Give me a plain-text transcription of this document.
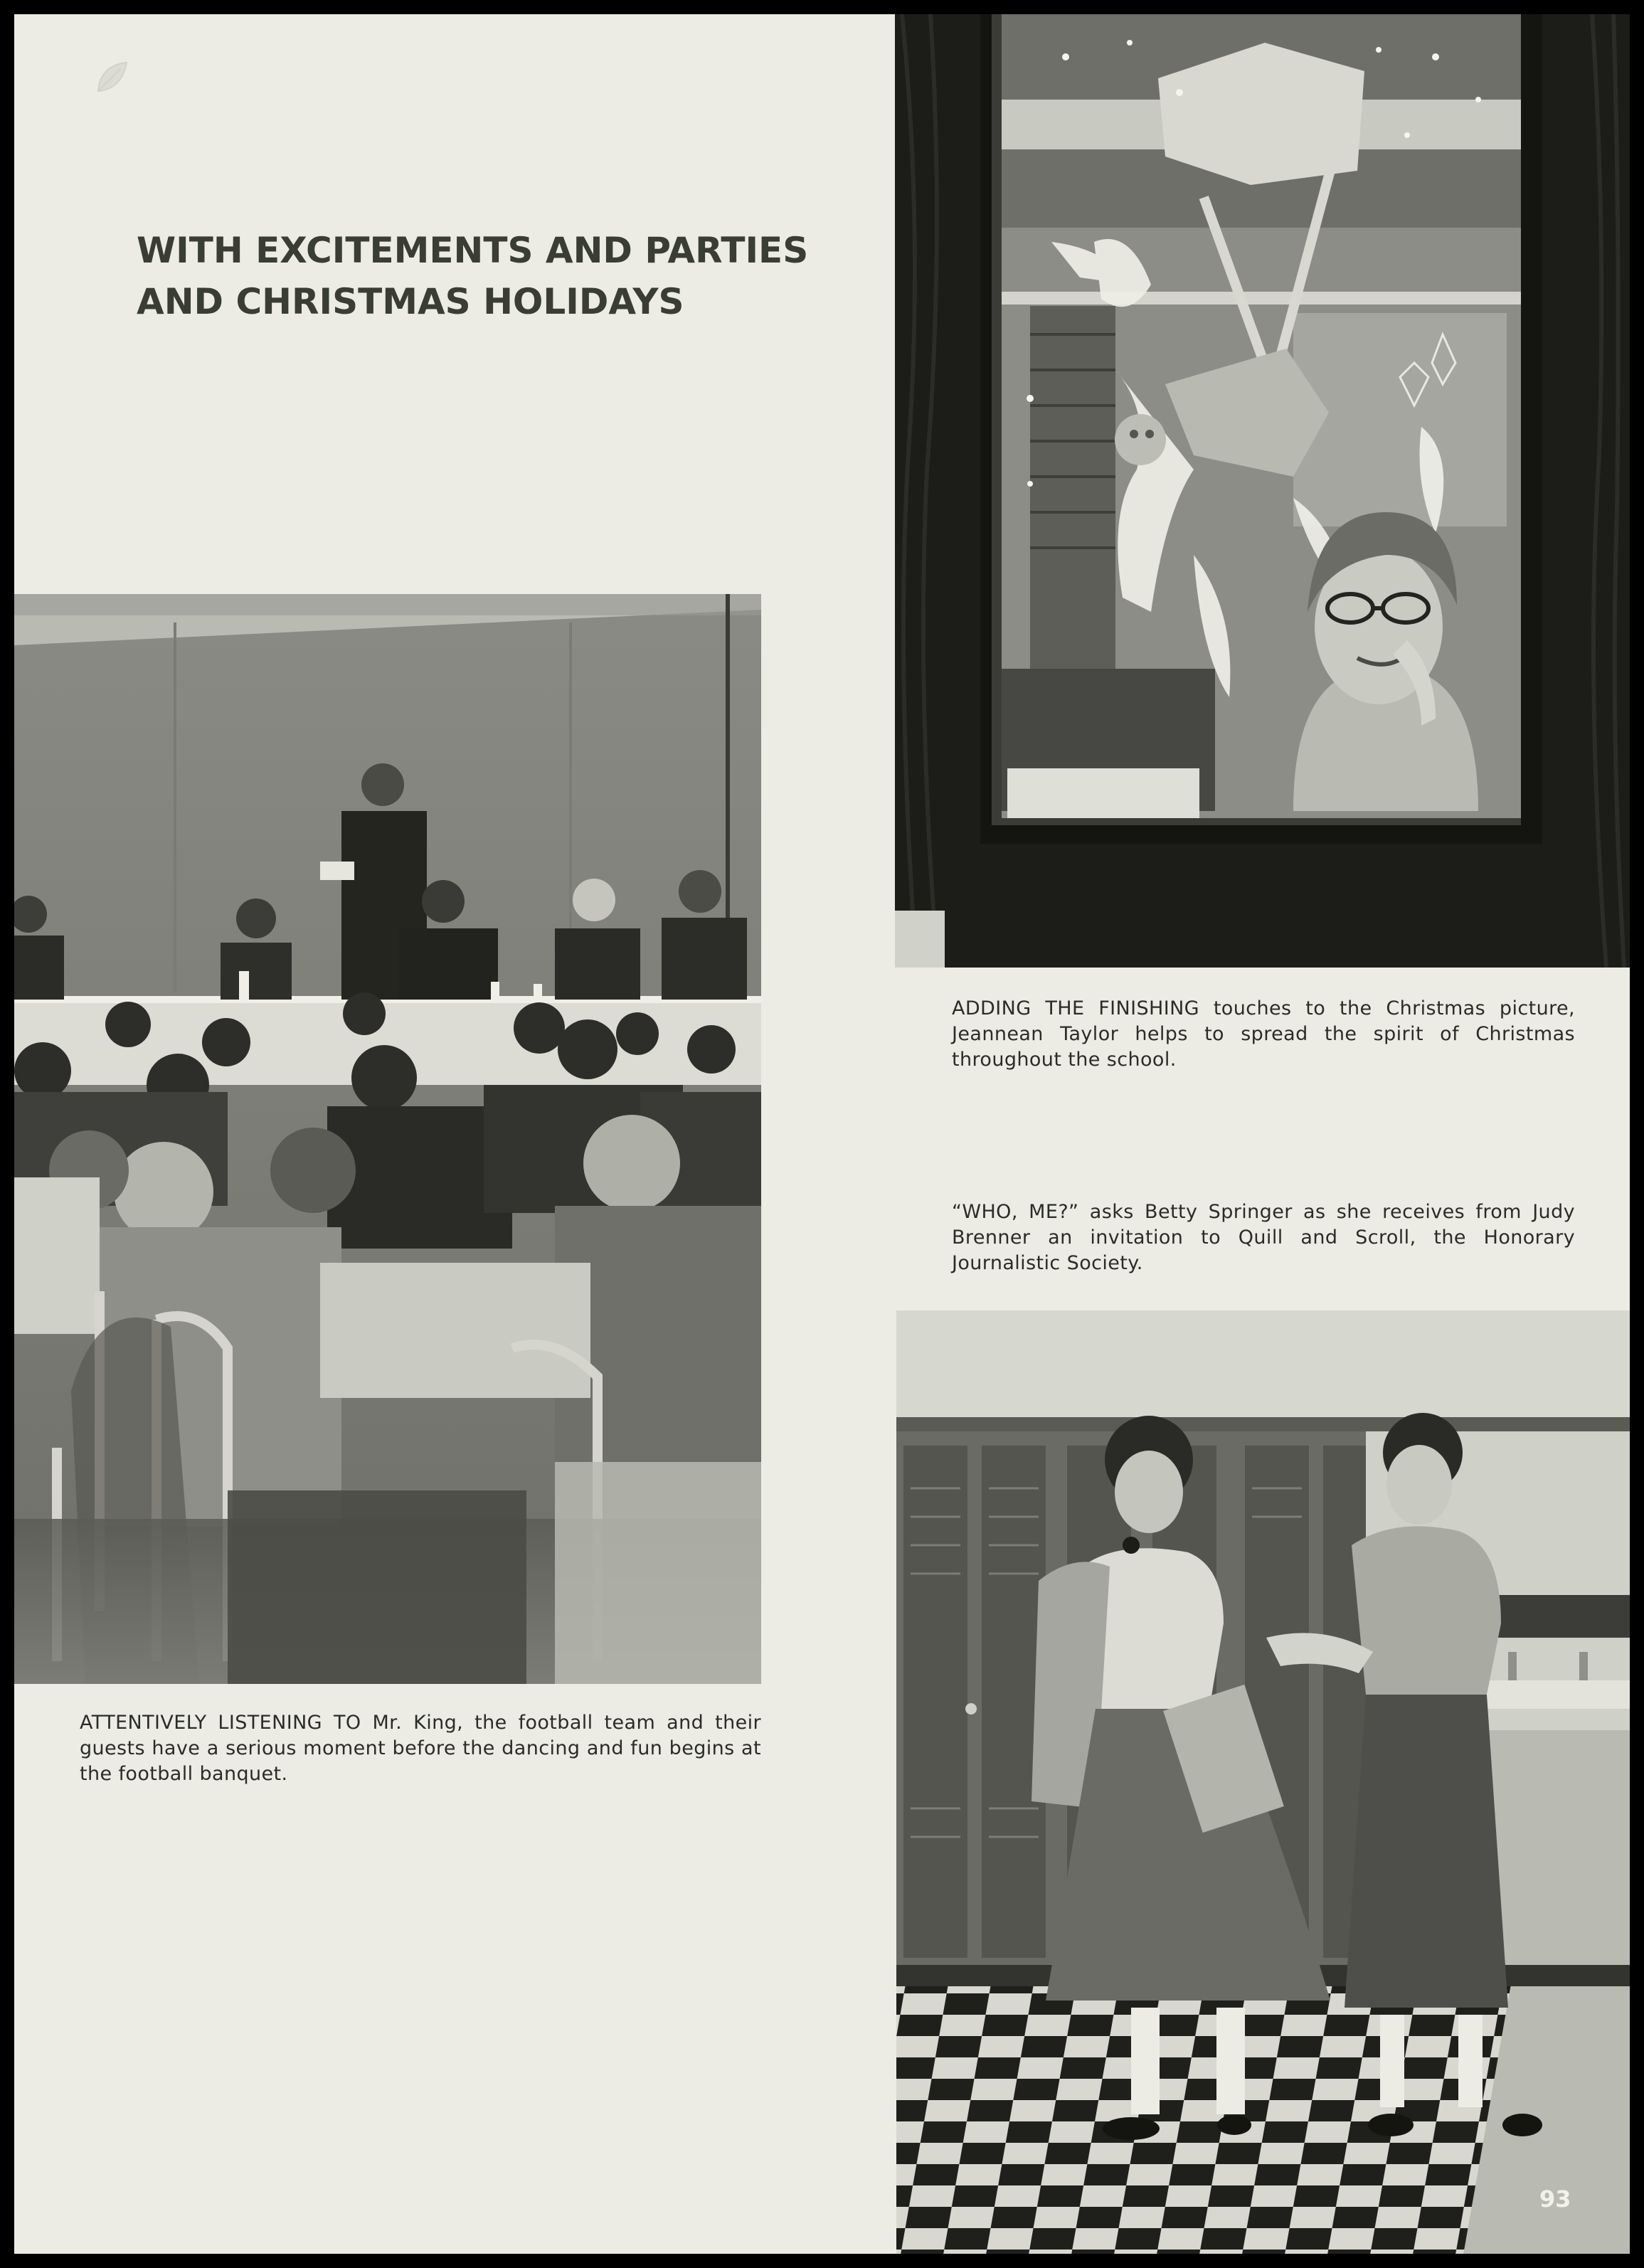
WITH EXCITEMENTS AND PARTIES
AND CHRISTMAS HOLIDAYS

ADDING THE FINISHING touches to the Christmas picture, Jeannean Taylor helps to spread the spirit of Christmas throughout the school.

“WHO, ME?” asks Betty Springer as she receives from Judy Brenner an invitation to Quill and Scroll, the Honorary Journalistic Society.

93

ATTENTIVELY LISTENING TO Mr. King, the football team and their guests have a serious moment before the dancing and fun begins at the football banquet.
